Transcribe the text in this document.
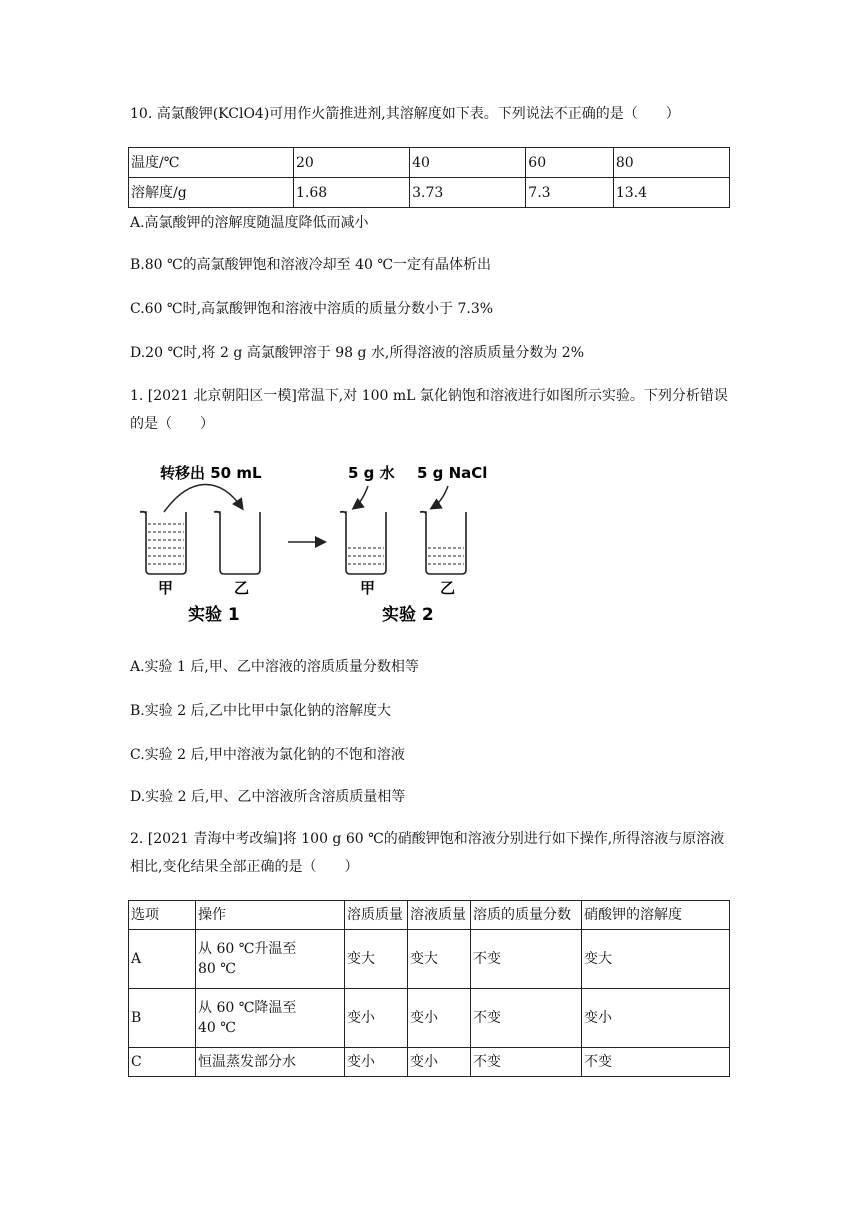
10. 高氯酸钾(KClO4)可用作火箭推进剂,其溶解度如下表。下列说法不正确的是（　　）
温度/℃	20	40	60	80
溶解度/g	1.68	3.73	7.3	13.4
A.高氯酸钾的溶解度随温度降低而减小
B.80 ℃的高氯酸钾饱和溶液冷却至 40 ℃一定有晶体析出
C.60 ℃时,高氯酸钾饱和溶液中溶质的质量分数小于 7.3%
D.20 ℃时,将 2 g 高氯酸钾溶于 98 g 水,所得溶液的溶质质量分数为 2%
1. [2021 北京朝阳区一模]常温下,对 100 mL 氯化钠饱和溶液进行如图所示实验。下列分析错误的是（　　）
转移出 50 mL	5 g 水 5 g NaCl
甲	乙	甲	乙
实验 1	实验 2
A.实验 1 后,甲、乙中溶液的溶质质量分数相等
B.实验 2 后,乙中比甲中氯化钠的溶解度大
C.实验 2 后,甲中溶液为氯化钠的不饱和溶液
D.实验 2 后,甲、乙中溶液所含溶质质量相等
2. [2021 青海中考改编]将 100 g 60 ℃的硝酸钾饱和溶液分别进行如下操作,所得溶液与原溶液相比,变化结果全部正确的是（　　）
选项	操作	溶质质量	溶液质量	溶质的质量分数	硝酸钾的溶解度
A	从 60 ℃升温至 80 ℃	变大	变大	不变	变大
B	从 60 ℃降温至 40 ℃	变小	变小	不变	变小
C	恒温蒸发部分水	变小	变小	不变	不变
